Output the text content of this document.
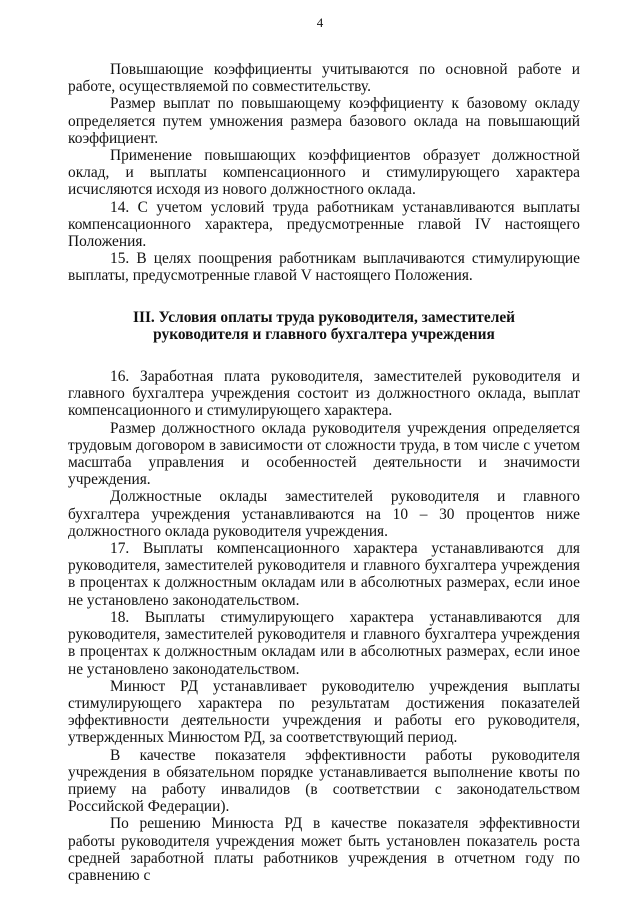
4

Повышающие коэффициенты учитываются по основной работе и работе, осуществляемой по совместительству.

Размер выплат по повышающему коэффициенту к базовому окладу определяется путем умножения размера базового оклада на повышающий коэффициент.

Применение повышающих коэффициентов образует должностной оклад, и выплаты компенсационного и стимулирующего характера исчисляются исходя из нового должностного оклада.

14. С учетом условий труда работникам устанавливаются выплаты компенсационного характера, предусмотренные главой IV настоящего Положения.

15. В целях поощрения работникам выплачиваются стимулирующие выплаты, предусмотренные главой V настоящего Положения.

III. Условия оплаты труда руководителя, заместителей
руководителя и главного бухгалтера учреждения

16. Заработная плата руководителя, заместителей руководителя и главного бухгалтера учреждения состоит из должностного оклада, выплат компенсационного и стимулирующего характера.

Размер должностного оклада руководителя учреждения определяется трудовым договором в зависимости от сложности труда, в том числе с учетом масштаба управления и особенностей деятельности и значимости учреждения.

Должностные оклады заместителей руководителя и главного бухгалтера учреждения устанавливаются на 10 – 30 процентов ниже должностного оклада руководителя учреждения.

17. Выплаты компенсационного характера устанавливаются для руководителя, заместителей руководителя и главного бухгалтера учреждения в процентах к должностным окладам или в абсолютных размерах, если иное не установлено законодательством.

18. Выплаты стимулирующего характера устанавливаются для руководителя, заместителей руководителя и главного бухгалтера учреждения в процентах к должностным окладам или в абсолютных размерах, если иное не установлено законодательством.

Минюст РД устанавливает руководителю учреждения выплаты стимулирующего характера по результатам достижения показателей эффективности деятельности учреждения и работы его руководителя, утвержденных Минюстом РД, за соответствующий период.

В качестве показателя эффективности работы руководителя учреждения в обязательном порядке устанавливается выполнение квоты по приему на работу инвалидов (в соответствии с законодательством Российской Федерации).

По решению Минюста РД в качестве показателя эффективности работы руководителя учреждения может быть установлен показатель роста средней заработной платы работников учреждения в отчетном году по сравнению с
